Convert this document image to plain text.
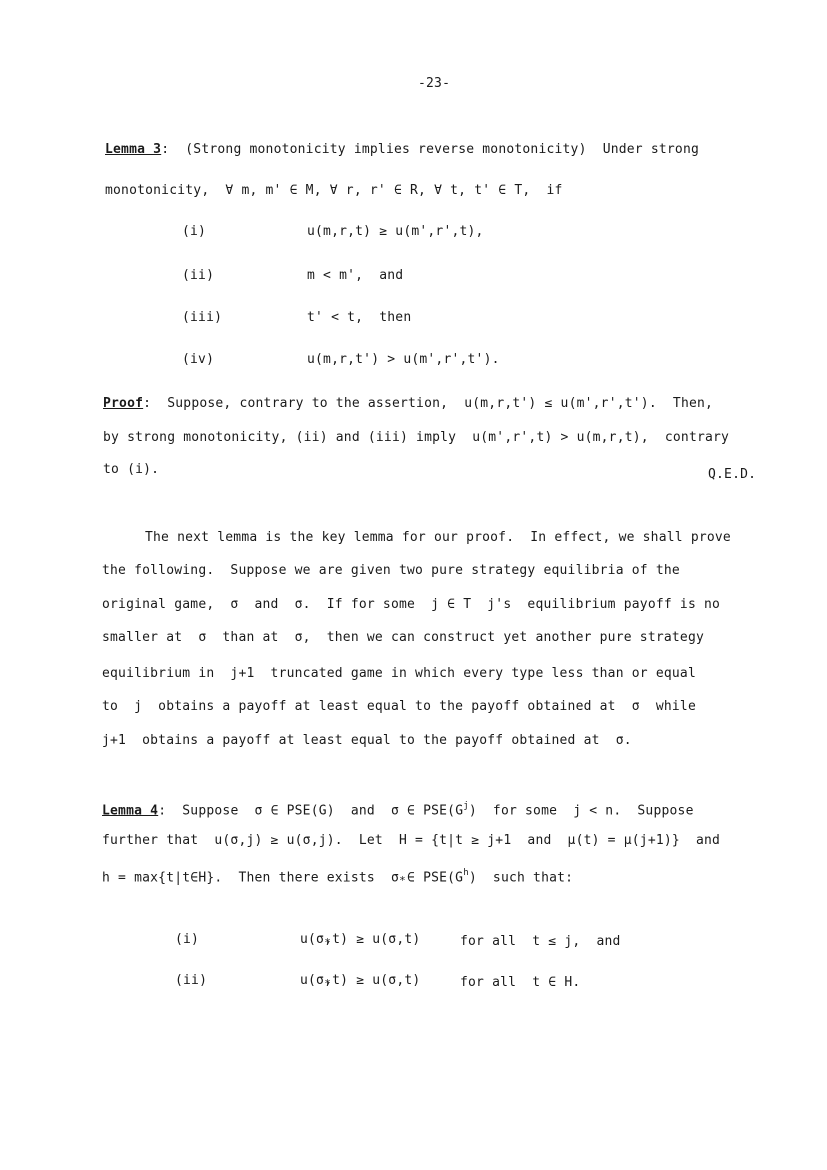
-23-
Lemma 3: (Strong monotonicity implies reverse monotonicity) Under strong
monotonicity,  ∀ m, m' ∈ M, ∀ r, r' ∈ R, ∀ t, t' ∈ T,  if
(i)	u(m,r,t) ≥ u(m',r',t),
(ii)	m < m',  and
(iii)	t' < t,  then
(iv)	u(m,r,t') > u(m',r',t').
Proof: Suppose, contrary to the assertion,  u(m,r,t') ≤ u(m',r',t').  Then,
by strong monotonicity, (ii) and (iii) imply  u(m',r',t) > u(m,r,t),  contrary
to (i).	Q.E.D.
The next lemma is the key lemma for our proof.  In effect, we shall prove
the following.  Suppose we are given two pure strategy equilibria of the
original game,  σ  and  σ.  If for some  j ∈ T  j's  equilibrium payoff is no
smaller at  σ  than at  σ,  then we can construct yet another pure strategy
equilibrium in  j+1  truncated game in which every type less than or equal
to  j  obtains a payoff at least equal to the payoff obtained at  σ  while
j+1  obtains a payoff at least equal to the payoff obtained at  σ.
Lemma 4: Suppose  σ ∈ PSE(G)  and  σ ∈ $PSE(G^j)$  for some  j < n.  Suppose
further that  u(σ,j) ≥ u(σ,j).  Let  H = {t|t ≥ j+1  and  μ(t) = μ(j+1)}  and
h = max{t|t∈H}.  Then there exists  σ ∈ $PSE(G^h)$  such that:
(i)	u(σ,t) ≥ u(σ,t)	for all  t ≤ j,  and
(ii)	u(σ,t) ≥ u(σ,t)	for all  t ∈ H.
